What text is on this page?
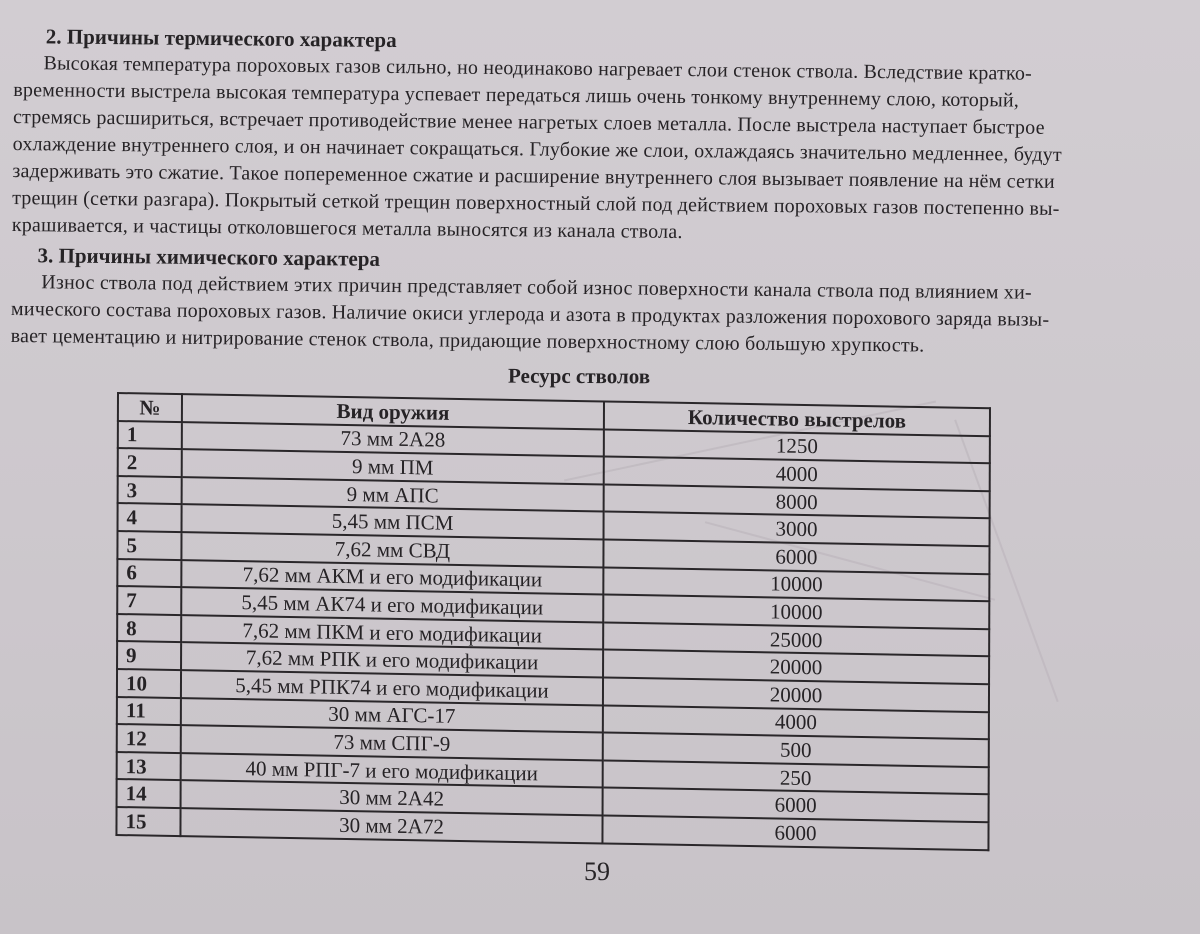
2. Причины термического характера

Высокая температура пороховых газов сильно, но неодинаково нагревает слои стенок ствола. Вследствие кратко-

временности выстрела высокая температура успевает передаться лишь очень тонкому внутреннему слою, который,

стремясь расшириться, встречает противодействие менее нагретых слоев металла. После выстрела наступает быстрое

охлаждение внутреннего слоя, и он начинает сокращаться. Глубокие же слои, охлаждаясь значительно медленнее, будут

задерживать это сжатие. Такое попеременное сжатие и расширение внутреннего слоя вызывает появление на нём сетки

трещин (сетки разгара). Покрытый сеткой трещин поверхностный слой под действием пороховых газов постепенно вы-

крашивается, и частицы отколовшегося металла выносятся из канала ствола.

3. Причины химического характера

Износ ствола под действием этих причин представляет собой износ поверхности канала ствола под влиянием хи-

мического состава пороховых газов. Наличие окиси углерода и азота в продуктах разложения порохового заряда вызы-

вает цементацию и нитрирование стенок ствола, придающие поверхностному слою большую хрупкость.

Ресурс стволов
№	Вид оружия	Количество выстрелов
1	73 мм 2А28	1250
2	9 мм ПМ	4000
3	9 мм АПС	8000
4	5,45 мм ПСМ	3000
5	7,62 мм СВД	6000
6	7,62 мм АКМ и его модификации	10000
7	5,45 мм АК74 и его модификации	10000
8	7,62 мм ПКМ и его модификации	25000
9	7,62 мм РПК и его модификации	20000
10	5,45 мм РПК74 и его модификации	20000
11	30 мм АГС-17	4000
12	73 мм СПГ-9	500
13	40 мм РПГ-7 и его модификации	250
14	30 мм 2А42	6000
15	30 мм 2А72	6000
59
